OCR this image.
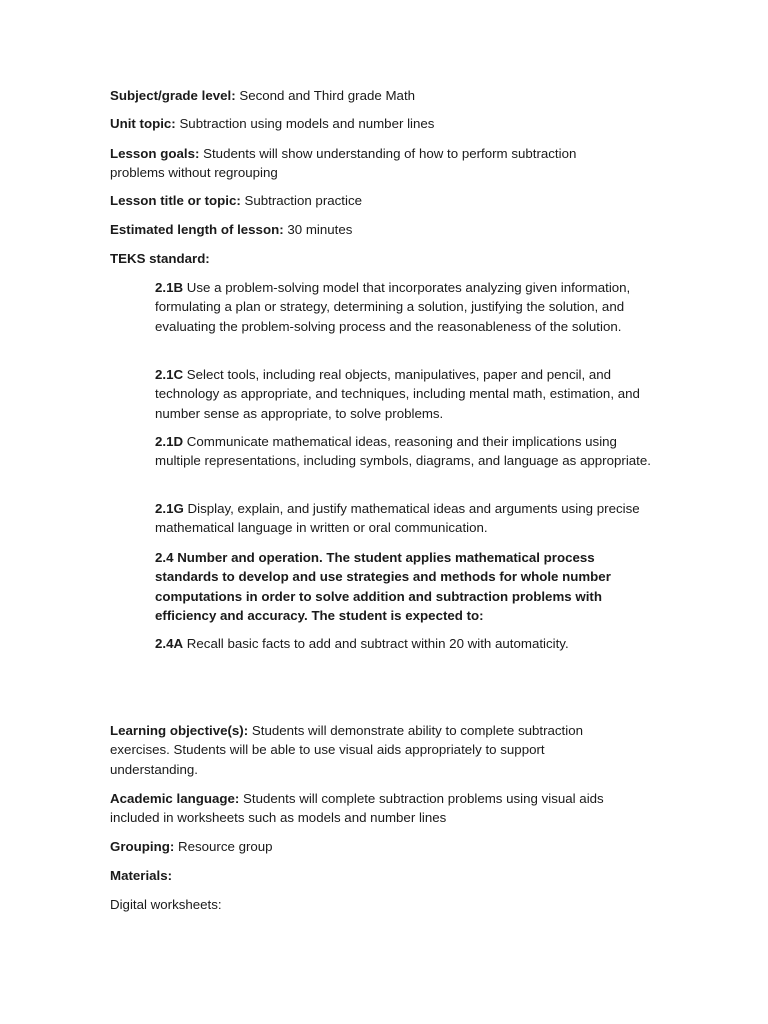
Subject/grade level: Second and Third grade Math
Unit topic: Subtraction using models and number lines
Lesson goals: Students will show understanding of how to perform subtraction problems without regrouping
Lesson title or topic: Subtraction practice
Estimated length of lesson: 30 minutes
TEKS standard:
2.1B Use a problem-solving model that incorporates analyzing given information, formulating a plan or strategy, determining a solution, justifying the solution, and evaluating the problem-solving process and the reasonableness of the solution.
2.1C Select tools, including real objects, manipulatives, paper and pencil, and technology as appropriate, and techniques, including mental math, estimation, and number sense as appropriate, to solve problems.
2.1D Communicate mathematical ideas, reasoning and their implications using multiple representations, including symbols, diagrams, and language as appropriate.
2.1G Display, explain, and justify mathematical ideas and arguments using precise mathematical language in written or oral communication.
2.4 Number and operation. The student applies mathematical process standards to develop and use strategies and methods for whole number computations in order to solve addition and subtraction problems with efficiency and accuracy. The student is expected to:
2.4A Recall basic facts to add and subtract within 20 with automaticity.
Learning objective(s): Students will demonstrate ability to complete subtraction exercises. Students will be able to use visual aids appropriately to support understanding.
Academic language: Students will complete subtraction problems using visual aids included in worksheets such as models and number lines
Grouping: Resource group
Materials:
Digital worksheets:
